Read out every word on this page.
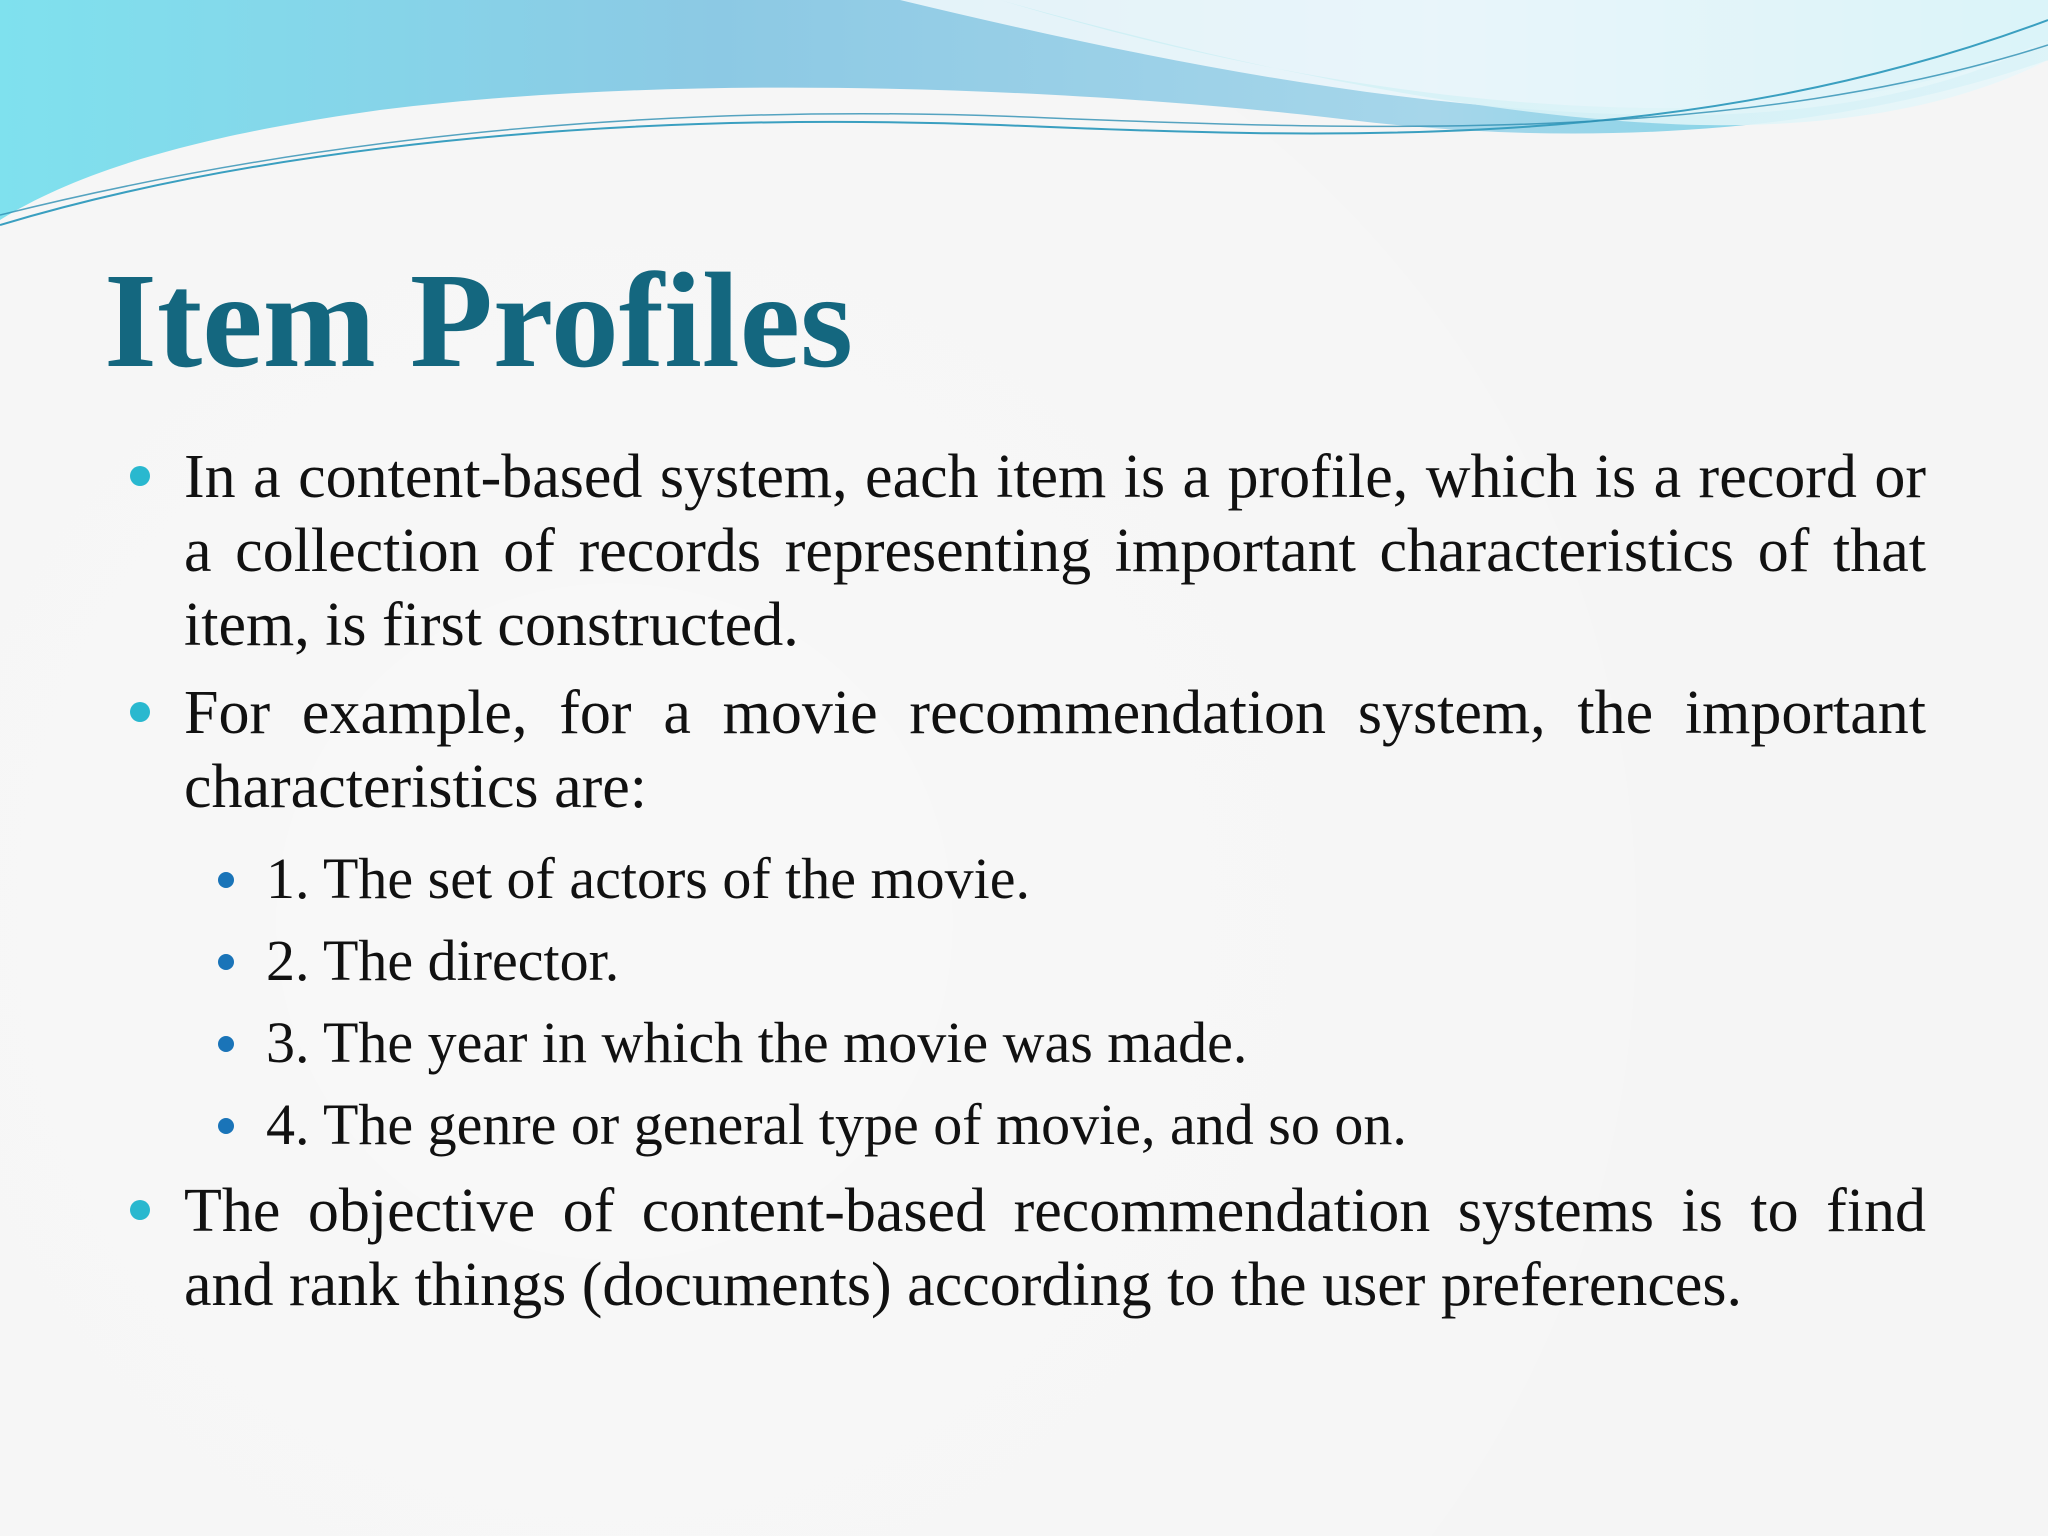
Item Profiles
In a content-based system, each item is a profile, which is a record or a collection of records representing important characteristics of that item, is first constructed.
For example, for a movie recommendation system, the important characteristics are:
1. The set of actors of the movie.
2. The director.
3. The year in which the movie was made.
4. The genre or general type of movie, and so on.
The objective of content-based recommendation systems is to find and rank things (documents) according to the user preferences.
